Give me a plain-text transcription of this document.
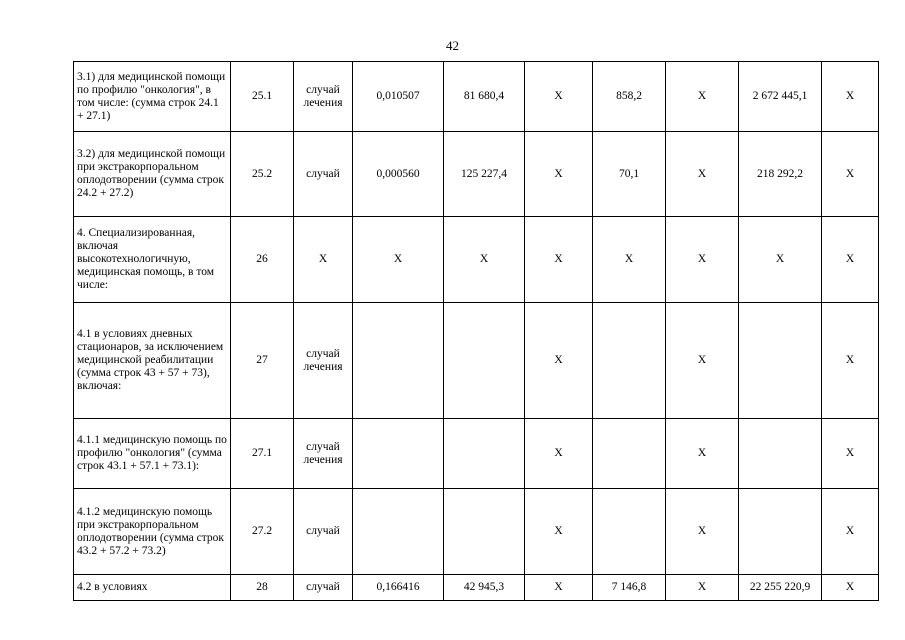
42
3.1) для медицинской помощи по профилю "онкология", в том числе: (сумма строк 24.1 + 27.1)	25.1	случай лечения	0,010507	81 680,4	X	858,2	X	2 672 445,1	X
3.2) для медицинской помощи при экстракорпоральном оплодотворении (сумма строк 24.2 + 27.2)	25.2	случай	0,000560	125 227,4	X	70,1	X	218 292,2	X
4. Специализированная, включая высокотехнологичную, медицинская помощь, в том числе:	26	X	X	X	X	X	X	X	X
4.1 в условиях дневных стационаров, за исключением медицинской реабилитации (сумма строк 43 + 57 + 73), включая:	27	случай лечения			X		X		X
4.1.1 медицинскую помощь по профилю "онкология" (сумма строк 43.1 + 57.1 + 73.1):	27.1	случай лечения			X		X		X
4.1.2 медицинскую помощь при экстракорпоральном оплодотворении (сумма строк 43.2 + 57.2 + 73.2)	27.2	случай			X		X		X
4.2 в условиях	28	случай	0,166416	42 945,3	X	7 146,8	X	22 255 220,9	X
